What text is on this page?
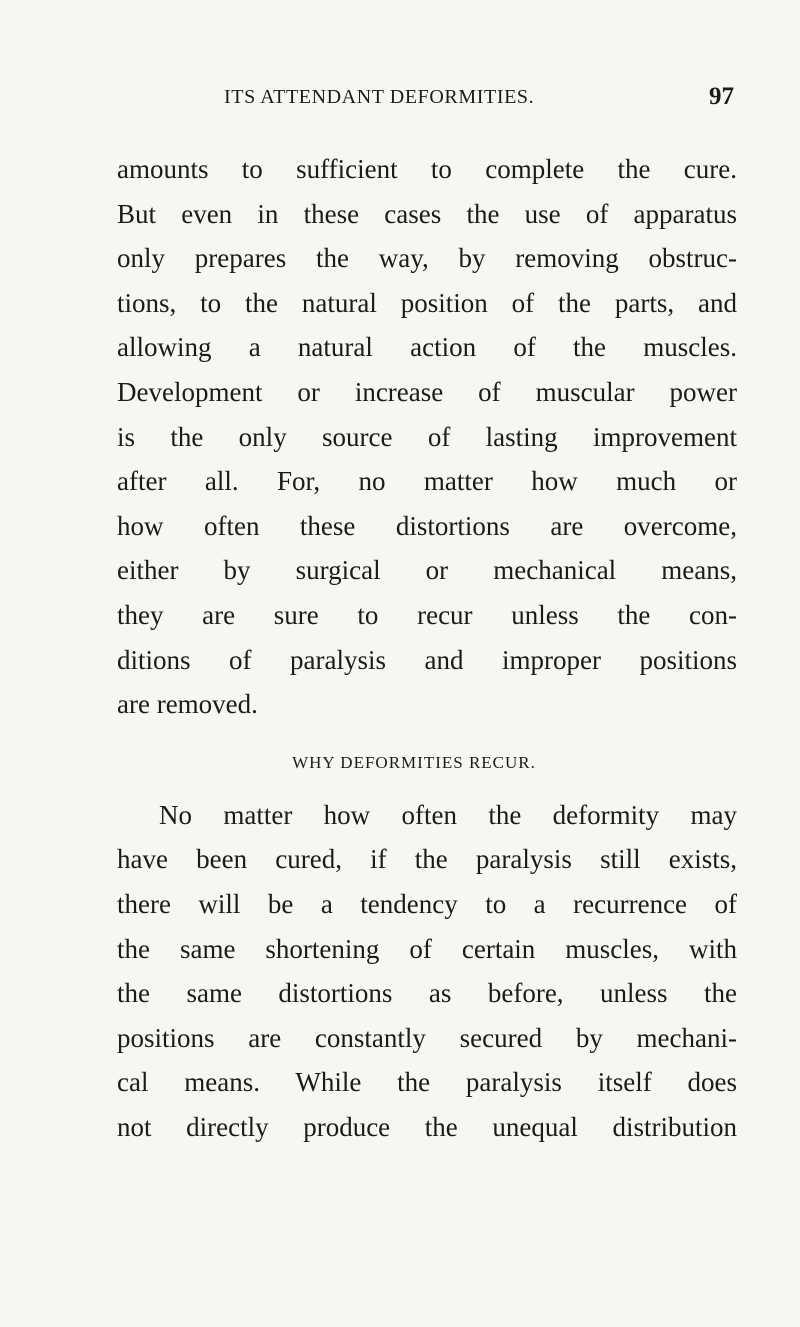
ITS ATTENDANT DEFORMITIES.	97
amounts to sufficient to complete the cure.
But even in these cases the use of apparatus
only prepares the way, by removing obstruc-
tions, to the natural position of the parts, and
allowing a natural action of the muscles.
Development or increase of muscular power
is the only source of lasting improvement
after all. For, no matter how much or
how often these distortions are overcome,
either by surgical or mechanical means,
they are sure to recur unless the con-
ditions of paralysis and improper positions
are removed.
WHY DEFORMITIES RECUR.
No matter how often the deformity may
have been cured, if the paralysis still exists,
there will be a tendency to a recurrence of
the same shortening of certain muscles, with
the same distortions as before, unless the
positions are constantly secured by mechani-
cal means. While the paralysis itself does
not directly produce the unequal distribution
